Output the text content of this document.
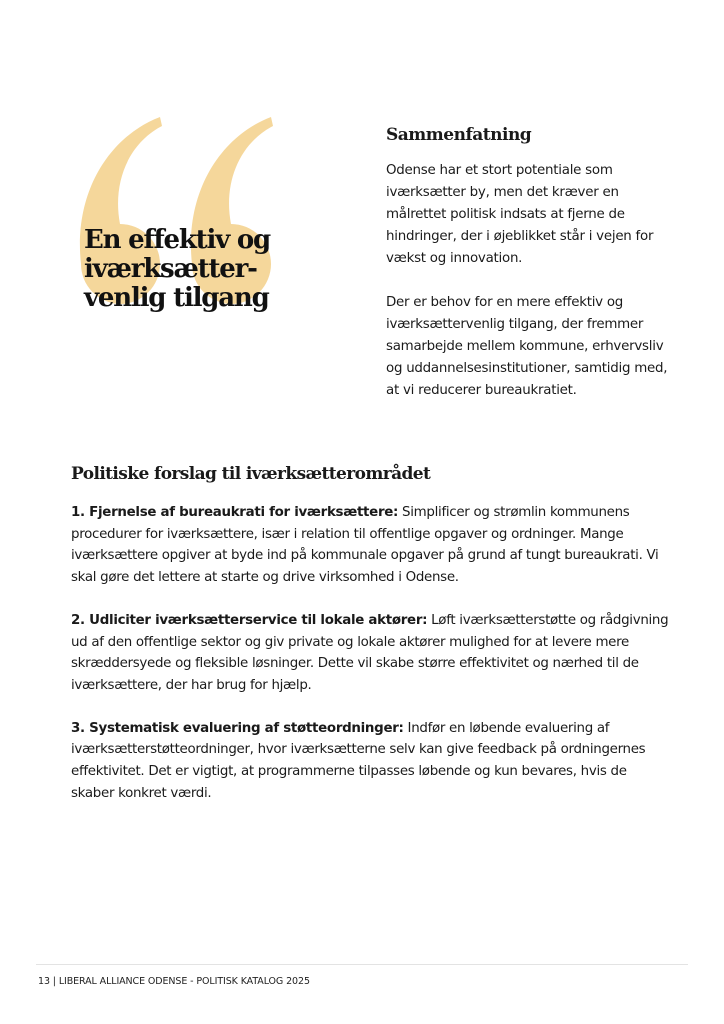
En effektiv og
iværksætter-
venlig tilgang
Sammenfatning

Odense har et stort potentiale som iværksætter by, men det kræver en målrettet politisk indsats at fjerne de hindringer, der i øjeblikket står i vejen for vækst og innovation.

Der er behov for en mere effektiv og iværksættervenlig tilgang, der fremmer samarbejde mellem kommune, erhvervsliv og uddannelsesinstitutioner, samtidig med, at vi reducerer bureaukratiet.

Politiske forslag til iværksætterområdet

1. Fjernelse af bureaukrati for iværksættere: Simplificer og strømlin kommunens procedurer for iværksættere, især i relation til offentlige opgaver og ordninger. Mange iværksættere opgiver at byde ind på kommunale opgaver på grund af tungt bureaukrati. Vi skal gøre det lettere at starte og drive virksomhed i Odense.

2. Udliciter iværksætterservice til lokale aktører: Løft iværksætterstøtte og rådgivning ud af den offentlige sektor og giv private og lokale aktører mulighed for at levere mere skræddersyede og fleksible løsninger. Dette vil skabe større effektivitet og nærhed til de iværksættere, der har brug for hjælp.

3. Systematisk evaluering af støtteordninger: Indfør en løbende evaluering af iværksætterstøtteordninger, hvor iværksætterne selv kan give feedback på ordningernes effektivitet. Det er vigtigt, at programmerne tilpasses løbende og kun bevares, hvis de skaber konkret værdi.

13 | LIBERAL ALLIANCE ODENSE - POLITISK KATALOG 2025
